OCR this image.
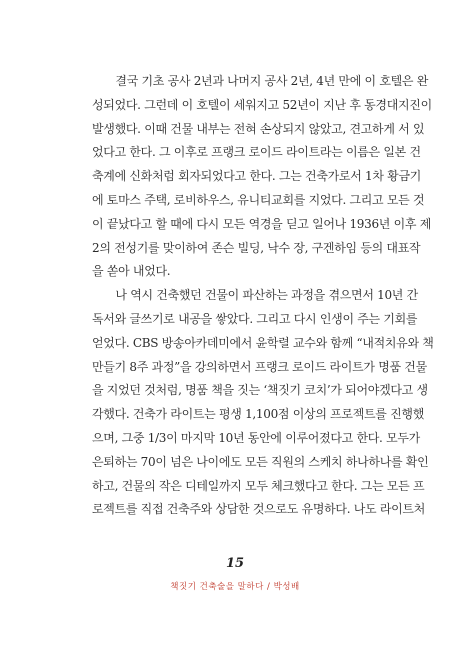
　　결국 기초 공사 2년과 나머지 공사 2년, 4년 만에 이 호텔은 완
성되었다. 그런데 이 호텔이 세워지고 52년이 지난 후 동경대지진이
발생했다. 이때 건물 내부는 전혀 손상되지 않았고, 견고하게 서 있
었다고 한다. 그 이후로 프랭크 로이드 라이트라는 이름은 일본 건
축계에 신화처럼 회자되었다고 한다. 그는 건축가로서 1차 황금기
에 토마스 주택, 로비하우스, 유니티교회를 지었다. 그리고 모든 것
이 끝났다고 할 때에 다시 모든 역경을 딛고 일어나 1936년 이후 제
2의 전성기를 맞이하여 존슨 빌딩, 낙수 장, 구겐하임 등의 대표작
을 쏟아 내었다.
　　나 역시 건축했던 건물이 파산하는 과정을 겪으면서 10년 간
독서와 글쓰기로 내공을 쌓았다. 그리고 다시 인생이 주는 기회를
얻었다. CBS 방송아카데미에서 윤학렬 교수와 함께 “내적치유와 책
만들기 8주 과정”을 강의하면서 프랭크 로이드 라이트가 명품 건물
을 지었던 것처럼, 명품 책을 짓는 ‘책짓기 코치’가 되어야겠다고 생
각했다. 건축가 라이트는 평생 1,100점 이상의 프로젝트를 진행했
으며, 그중 1/3이 마지막 10년 동안에 이루어졌다고 한다. 모두가
은퇴하는 70이 넘은 나이에도 모든 직원의 스케치 하나하나를 확인
하고, 건물의 작은 디테일까지 모두 체크했다고 한다. 그는 모든 프
로젝트를 직접 건축주와 상담한 것으로도 유명하다. 나도 라이트처
15
책짓기 건축술을 말하다 / 박성배
